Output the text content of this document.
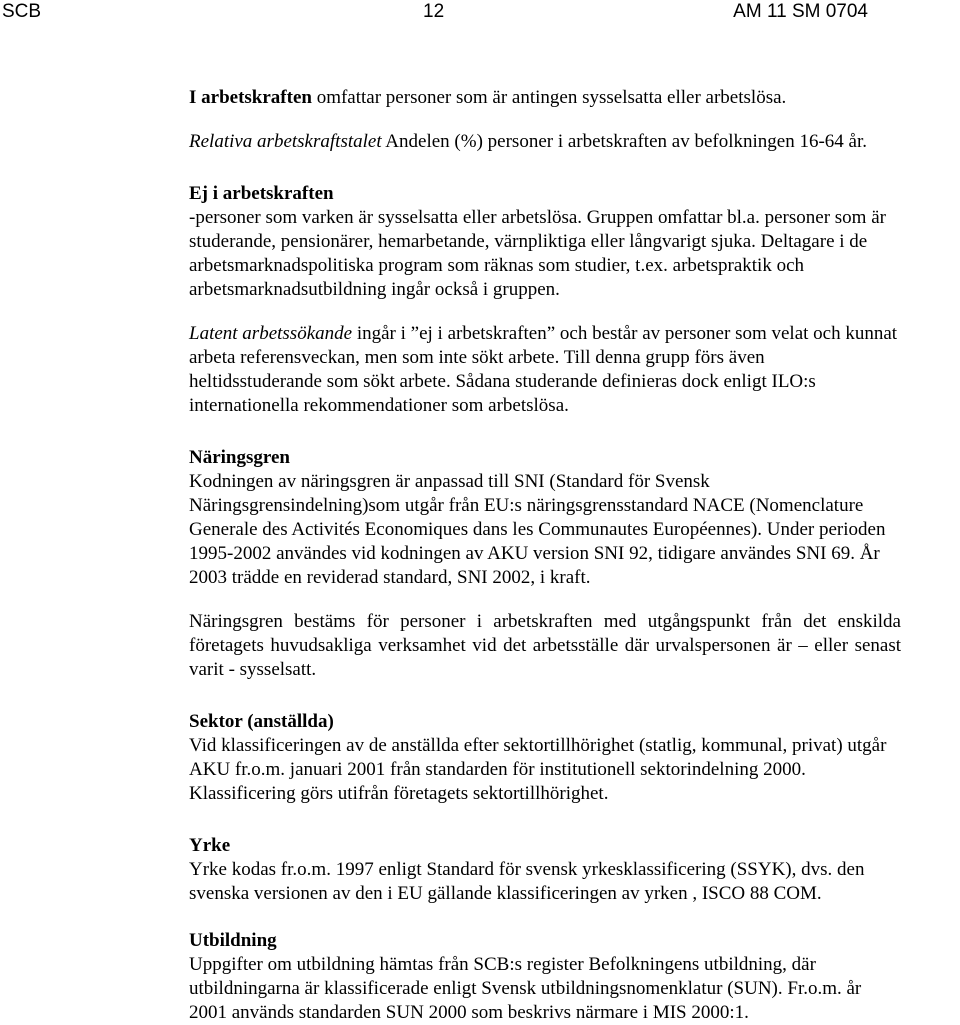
SCB	12	AM 11 SM 0704

I arbetskraften omfattar personer som är antingen sysselsatta eller arbetslösa.

Relativa arbetskraftstalet Andelen (%) personer i arbetskraften av befolkningen 16-64 år.

Ej i arbetskraften
-personer som varken är sysselsatta eller arbetslösa. Gruppen omfattar bl.a. personer som är studerande, pensionärer, hemarbetande, värnpliktiga eller långvarigt sjuka. Deltagare i de arbetsmarknadspolitiska program som räknas som studier, t.ex. arbetspraktik och arbetsmarknadsutbildning ingår också i gruppen.

Latent arbetssökande ingår i ”ej i arbetskraften” och består av personer som velat och kunnat arbeta referensveckan, men som inte sökt arbete. Till denna grupp förs även heltidsstuderande som sökt arbete. Sådana studerande definieras dock enligt ILO:s internationella rekommendationer som arbetslösa.

Näringsgren
Kodningen av näringsgren är anpassad till SNI (Standard för Svensk Näringsgrensindelning)som utgår från EU:s näringsgrensstandard NACE (Nomenclature Generale des Activités Economiques dans les Communautes Européennes). Under perioden 1995-2002 användes vid kodningen av AKU version SNI 92, tidigare användes SNI 69. År 2003 trädde en reviderad standard, SNI 2002, i kraft.

Näringsgren bestäms för personer i arbetskraften med utgångspunkt från det enskilda företagets huvudsakliga verksamhet vid det arbetsställe där urvalspersonen är – eller senast varit - sysselsatt.

Sektor (anställda)
Vid klassificeringen av de anställda efter sektortillhörighet (statlig, kommunal, privat) utgår AKU fr.o.m. januari 2001 från standarden för institutionell sektorindelning 2000. Klassificering görs utifrån företagets sektortillhörighet.

Yrke
Yrke kodas fr.o.m. 1997 enligt Standard för svensk yrkesklassificering (SSYK), dvs. den svenska versionen av den i EU gällande klassificeringen av yrken , ISCO 88 COM.

Utbildning
Uppgifter om utbildning hämtas från SCB:s register Befolkningens utbildning, där utbildningarna är klassificerade enligt Svensk utbildningsnomenklatur (SUN). Fr.o.m. år 2001 används standarden SUN 2000 som beskrivs närmare i MIS 2000:1.
